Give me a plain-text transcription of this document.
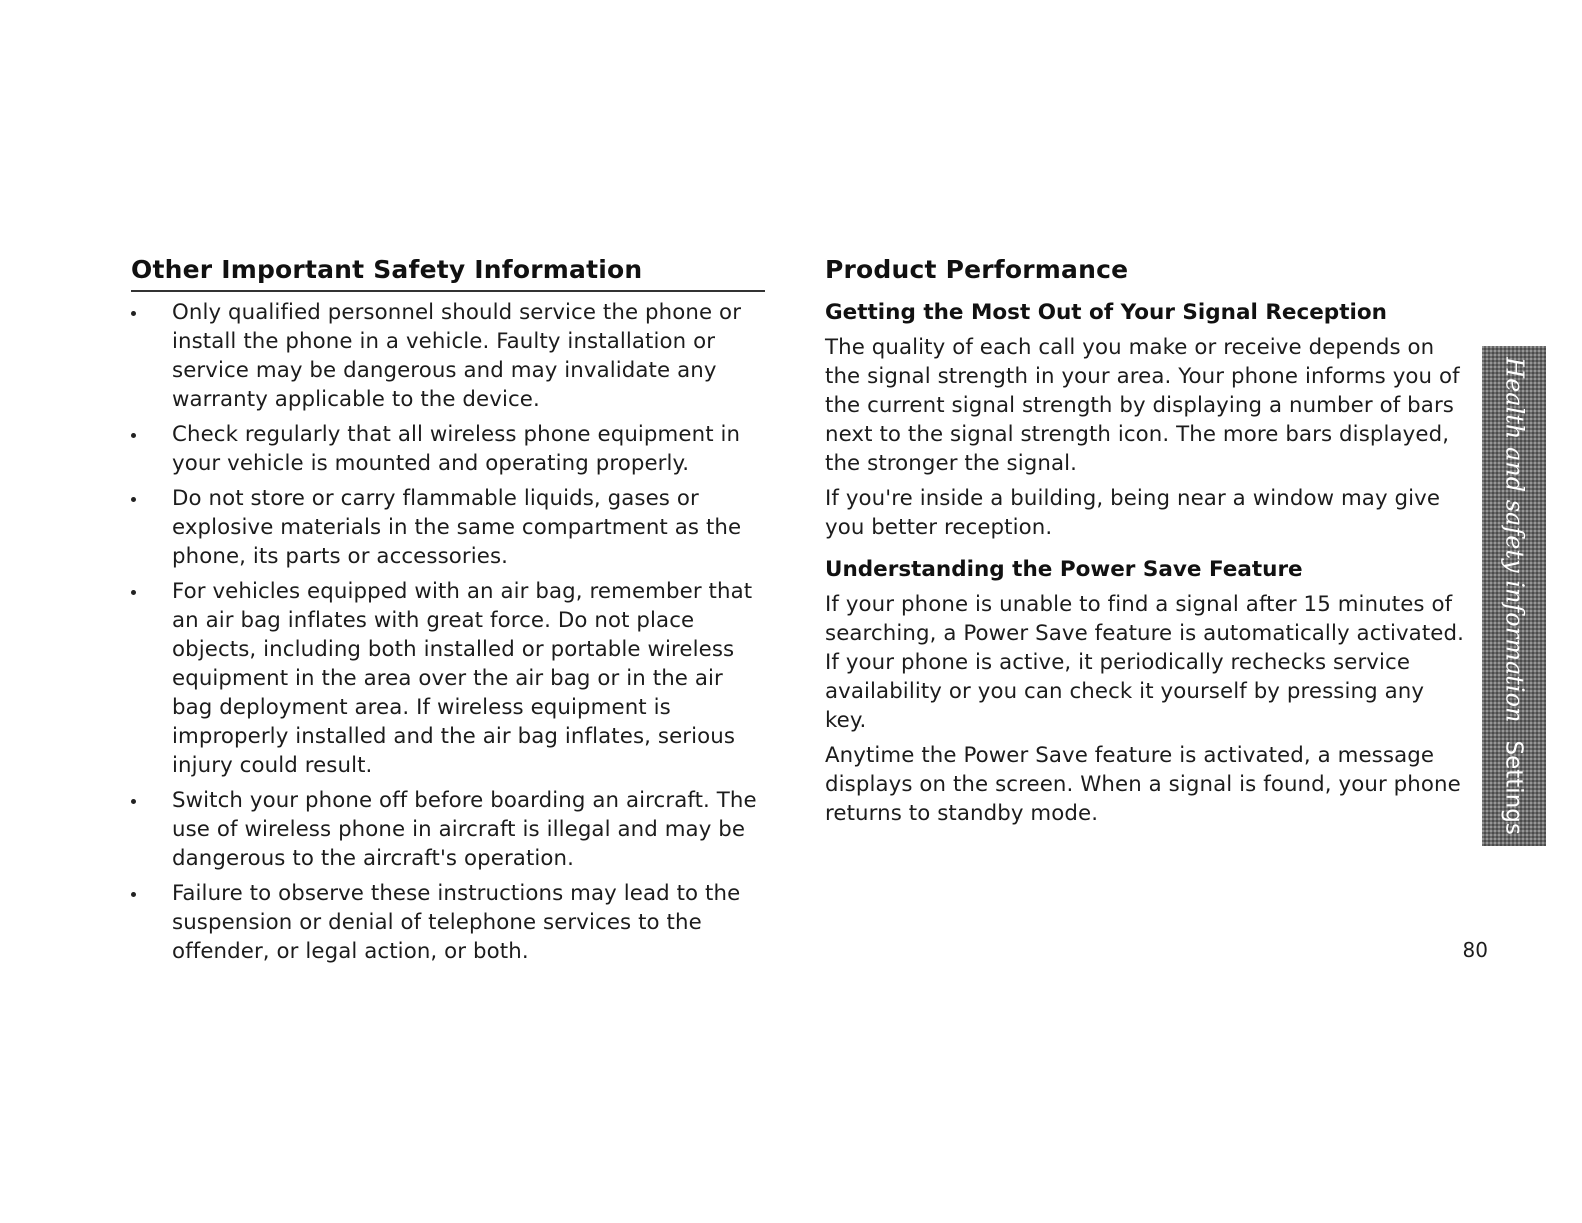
Other Important Safety Information
Only qualified personnel should service the phone or install the phone in a vehicle. Faulty installation or service may be dangerous and may invalidate any warranty applicable to the device.
Check regularly that all wireless phone equipment in your vehicle is mounted and operating properly.
Do not store or carry flammable liquids, gases or explosive materials in the same compartment as the phone, its parts or accessories.
For vehicles equipped with an air bag, remember that an air bag inflates with great force. Do not place objects, including both installed or portable wireless equipment in the area over the air bag or in the air bag deployment area. If wireless equipment is improperly installed and the air bag inflates, serious injury could result.
Switch your phone off before boarding an aircraft. The use of wireless phone in aircraft is illegal and may be dangerous to the aircraft's operation.
Failure to observe these instructions may lead to the suspension or denial of telephone services to the offender, or legal action, or both.
Product Performance
Getting the Most Out of Your Signal Reception

The quality of each call you make or receive depends on the signal strength in your area. Your phone informs you of the current signal strength by displaying a number of bars next to the signal strength icon. The more bars displayed, the stronger the signal.

If you're inside a building, being near a window may give you better reception.

Understanding the Power Save Feature

If your phone is unable to find a signal after 15 minutes of searching, a Power Save feature is automatically activated. If your phone is active, it periodically rechecks service availability or you can check it yourself by pressing any key.

Anytime the Power Save feature is activated, a message displays on the screen. When a signal is found, your phone returns to standby mode.

Health and safety informationSettings
80
